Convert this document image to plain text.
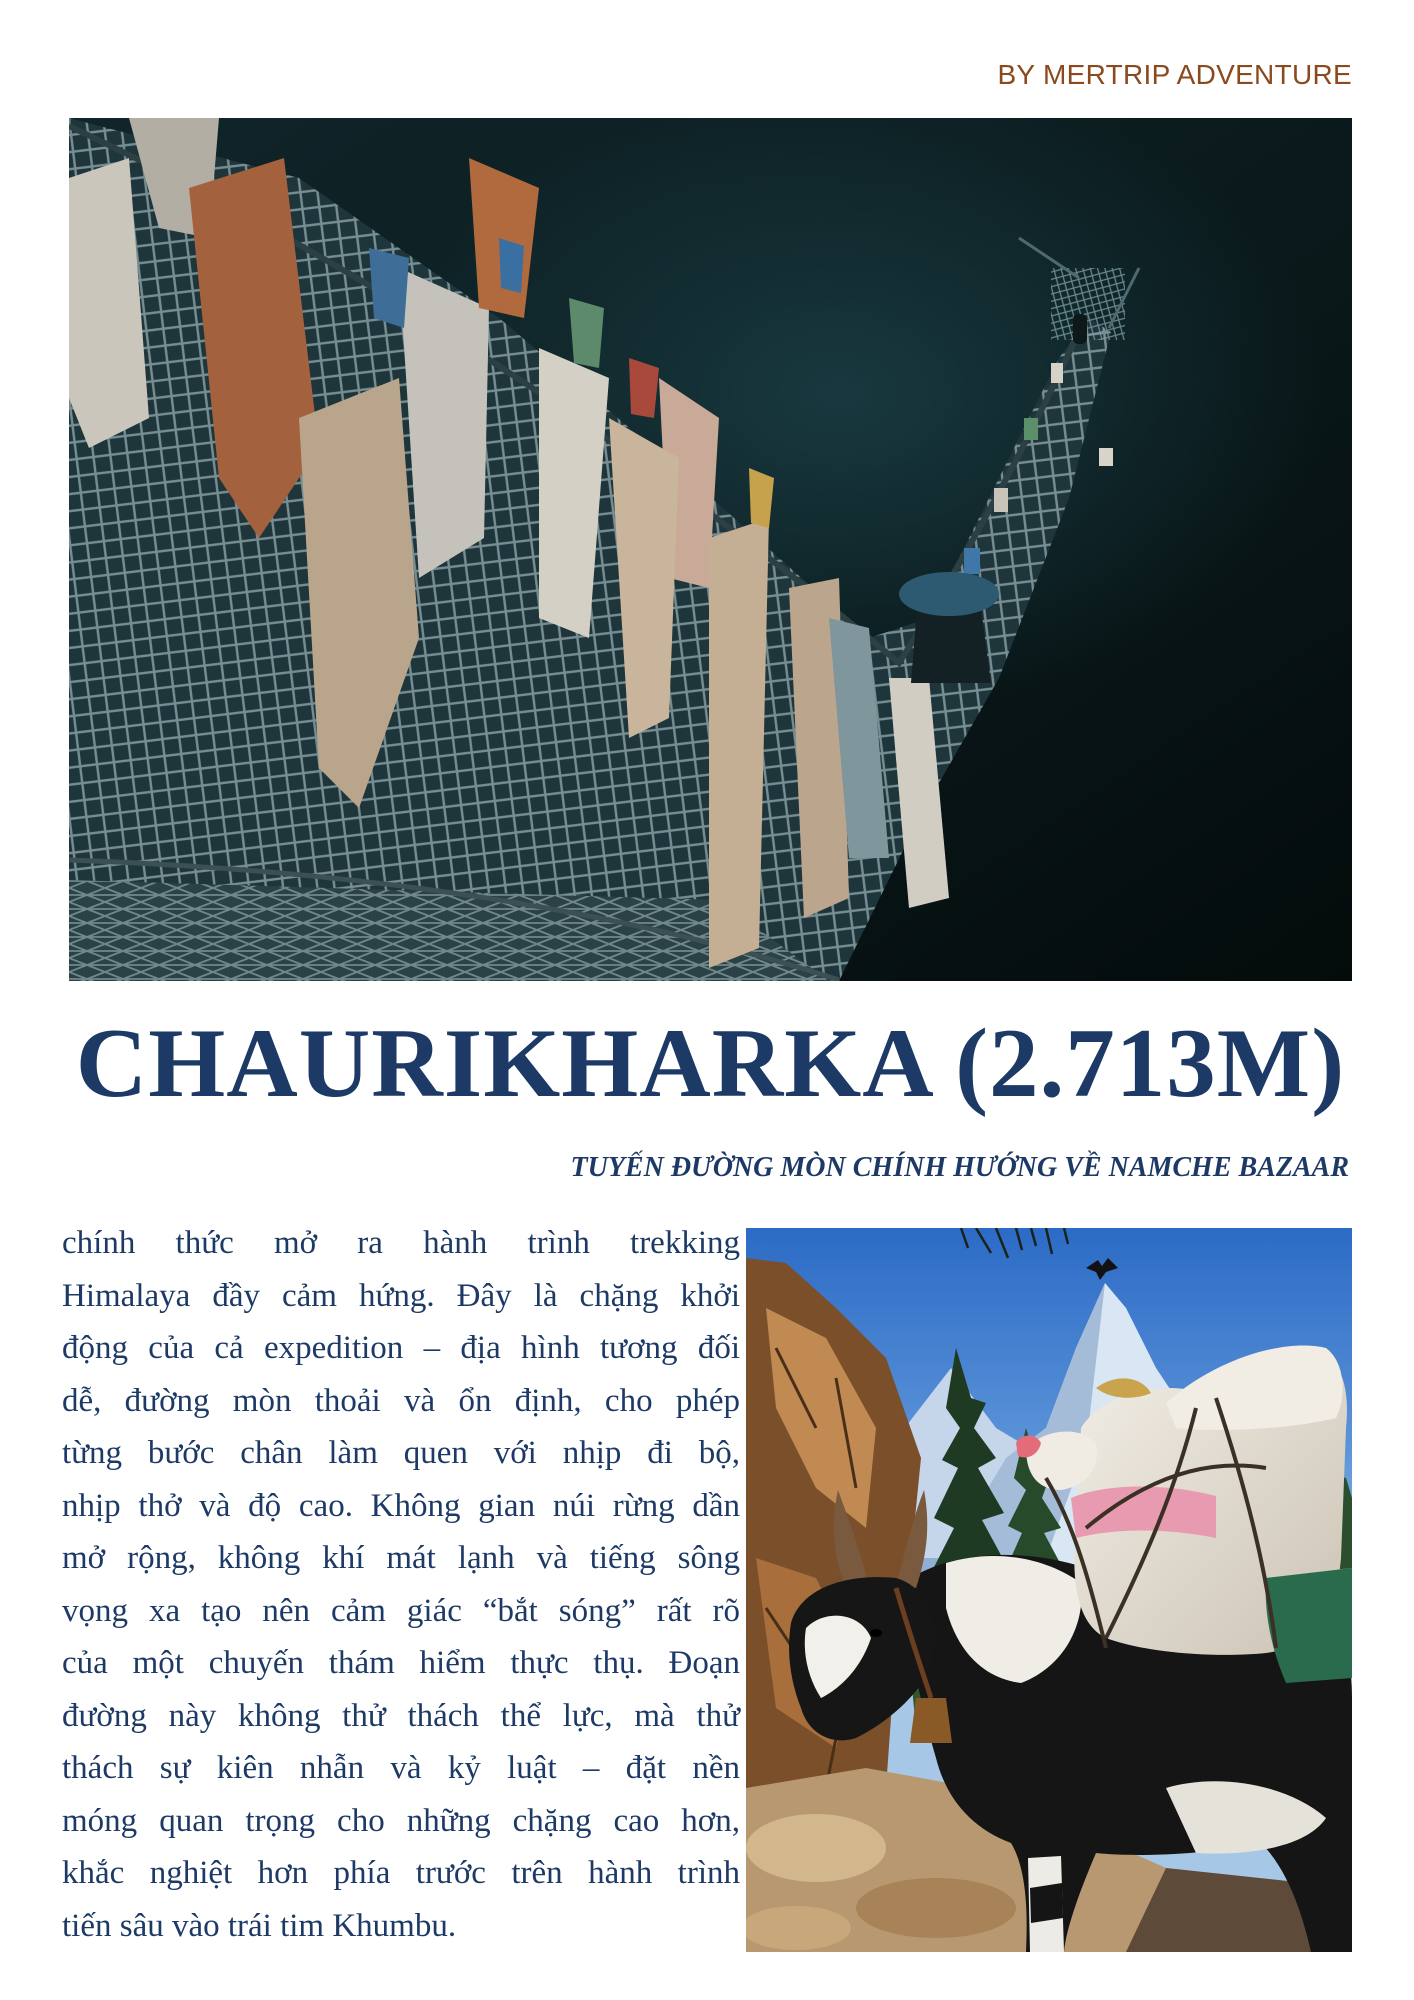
BY MERTRIP ADVENTURE
CHAURIKHARKA (2.713M)
TUYẾN ĐƯỜNG MÒN CHÍNH HƯỚNG VỀ NAMCHE BAZAAR
chính thức mở ra hành trình trekking
Himalaya đầy cảm hứng. Đây là chặng khởi
động của cả expedition – địa hình tương đối
dễ, đường mòn thoải và ổn định, cho phép
từng bước chân làm quen với nhịp đi bộ,
nhịp thở và độ cao. Không gian núi rừng dần
mở rộng, không khí mát lạnh và tiếng sông
vọng xa tạo nên cảm giác “bắt sóng” rất rõ
của một chuyến thám hiểm thực thụ. Đoạn
đường này không thử thách thể lực, mà thử
thách sự kiên nhẫn và kỷ luật – đặt nền
móng quan trọng cho những chặng cao hơn,
khắc nghiệt hơn phía trước trên hành trình
tiến sâu vào trái tim Khumbu.
